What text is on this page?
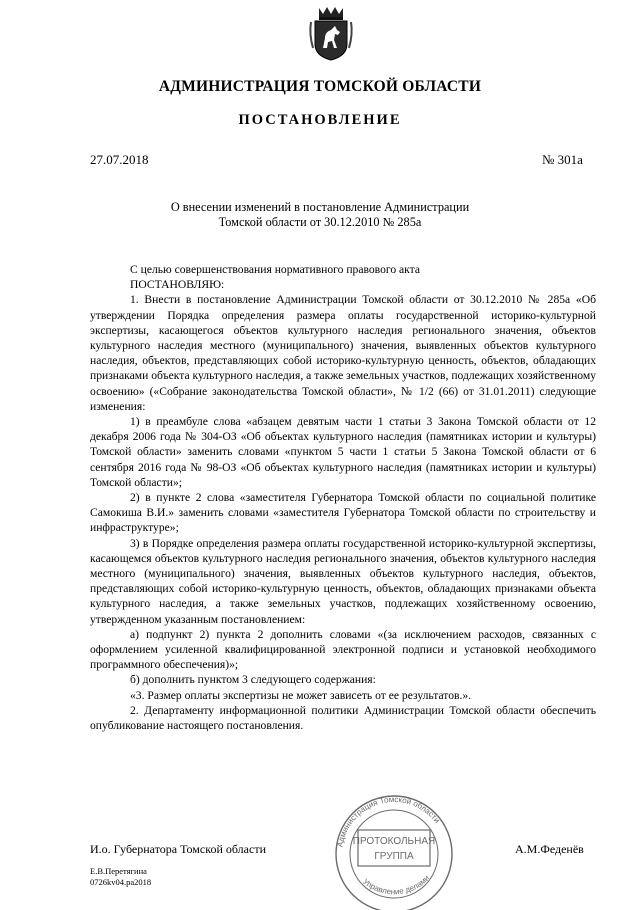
АДМИНИСТРАЦИЯ ТОМСКОЙ ОБЛАСТИ
ПОСТАНОВЛЕНИЕ
27.07.2018	№ 301а
О внесении изменений в постановление Администрации
Томской области от 30.12.2010 № 285а

С целью совершенствования нормативного правового акта

ПОСТАНОВЛЯЮ:

1. Внести в постановление Администрации Томской области от 30.12.2010 № 285а «Об утверждении Порядка определения размера оплаты государственной историко-культурной экспертизы, касающегося объектов культурного наследия регионального значения, объектов культурного наследия местного (муниципального) значения, выявленных объектов культурного наследия, объектов, представляющих собой историко-культурную ценность, объектов, обладающих признаками объекта культурного наследия, а также земельных участков, подлежащих хозяйственному освоению» («Собрание законодательства Томской области», № 1/2 (66) от 31.01.2011) следующие изменения:

1) в преамбуле слова «абзацем девятым части 1 статьи 3 Закона Томской области от 12 декабря 2006 года № 304-ОЗ «Об объектах культурного наследия (памятниках истории и культуры) Томской области» заменить словами «пунктом 5 части 1 статьи 5 Закона Томской области от 6 сентября 2016 года № 98-ОЗ «Об объектах культурного наследия (памятниках истории и культуры) Томской области»;

2) в пункте 2 слова «заместителя Губернатора Томской области по социальной политике Самокиша В.И.» заменить словами «заместителя Губернатора Томской области по строительству и инфраструктуре»;

3) в Порядке определения размера оплаты государственной историко-культурной экспертизы, касающемся объектов культурного наследия регионального значения, объектов культурного наследия местного (муниципального) значения, выявленных объектов культурного наследия, объектов, представляющих собой историко-культурную ценность, объектов, обладающих признаками объекта культурного наследия, а также земельных участков, подлежащих хозяйственному освоению, утвержденном указанным постановлением:

а) подпункт 2) пункта 2 дополнить словами «(за исключением расходов, связанных с оформлением усиленной квалифицированной электронной подписи и установкой необходимого программного обеспечения)»;

б) дополнить пунктом 3 следующего содержания:

«3. Размер оплаты экспертизы не может зависеть от ее результатов.».

2. Департаменту информационной политики Администрации Томской области обеспечить опубликование настоящего постановления.

Администрация Томской области
Управление делами
ПРОТОКОЛЬНАЯ
ГРУППА
И.о. Губернатора Томской области	А.М.Феденёв
Е.В.Перетягина
0726kv04.ра2018
